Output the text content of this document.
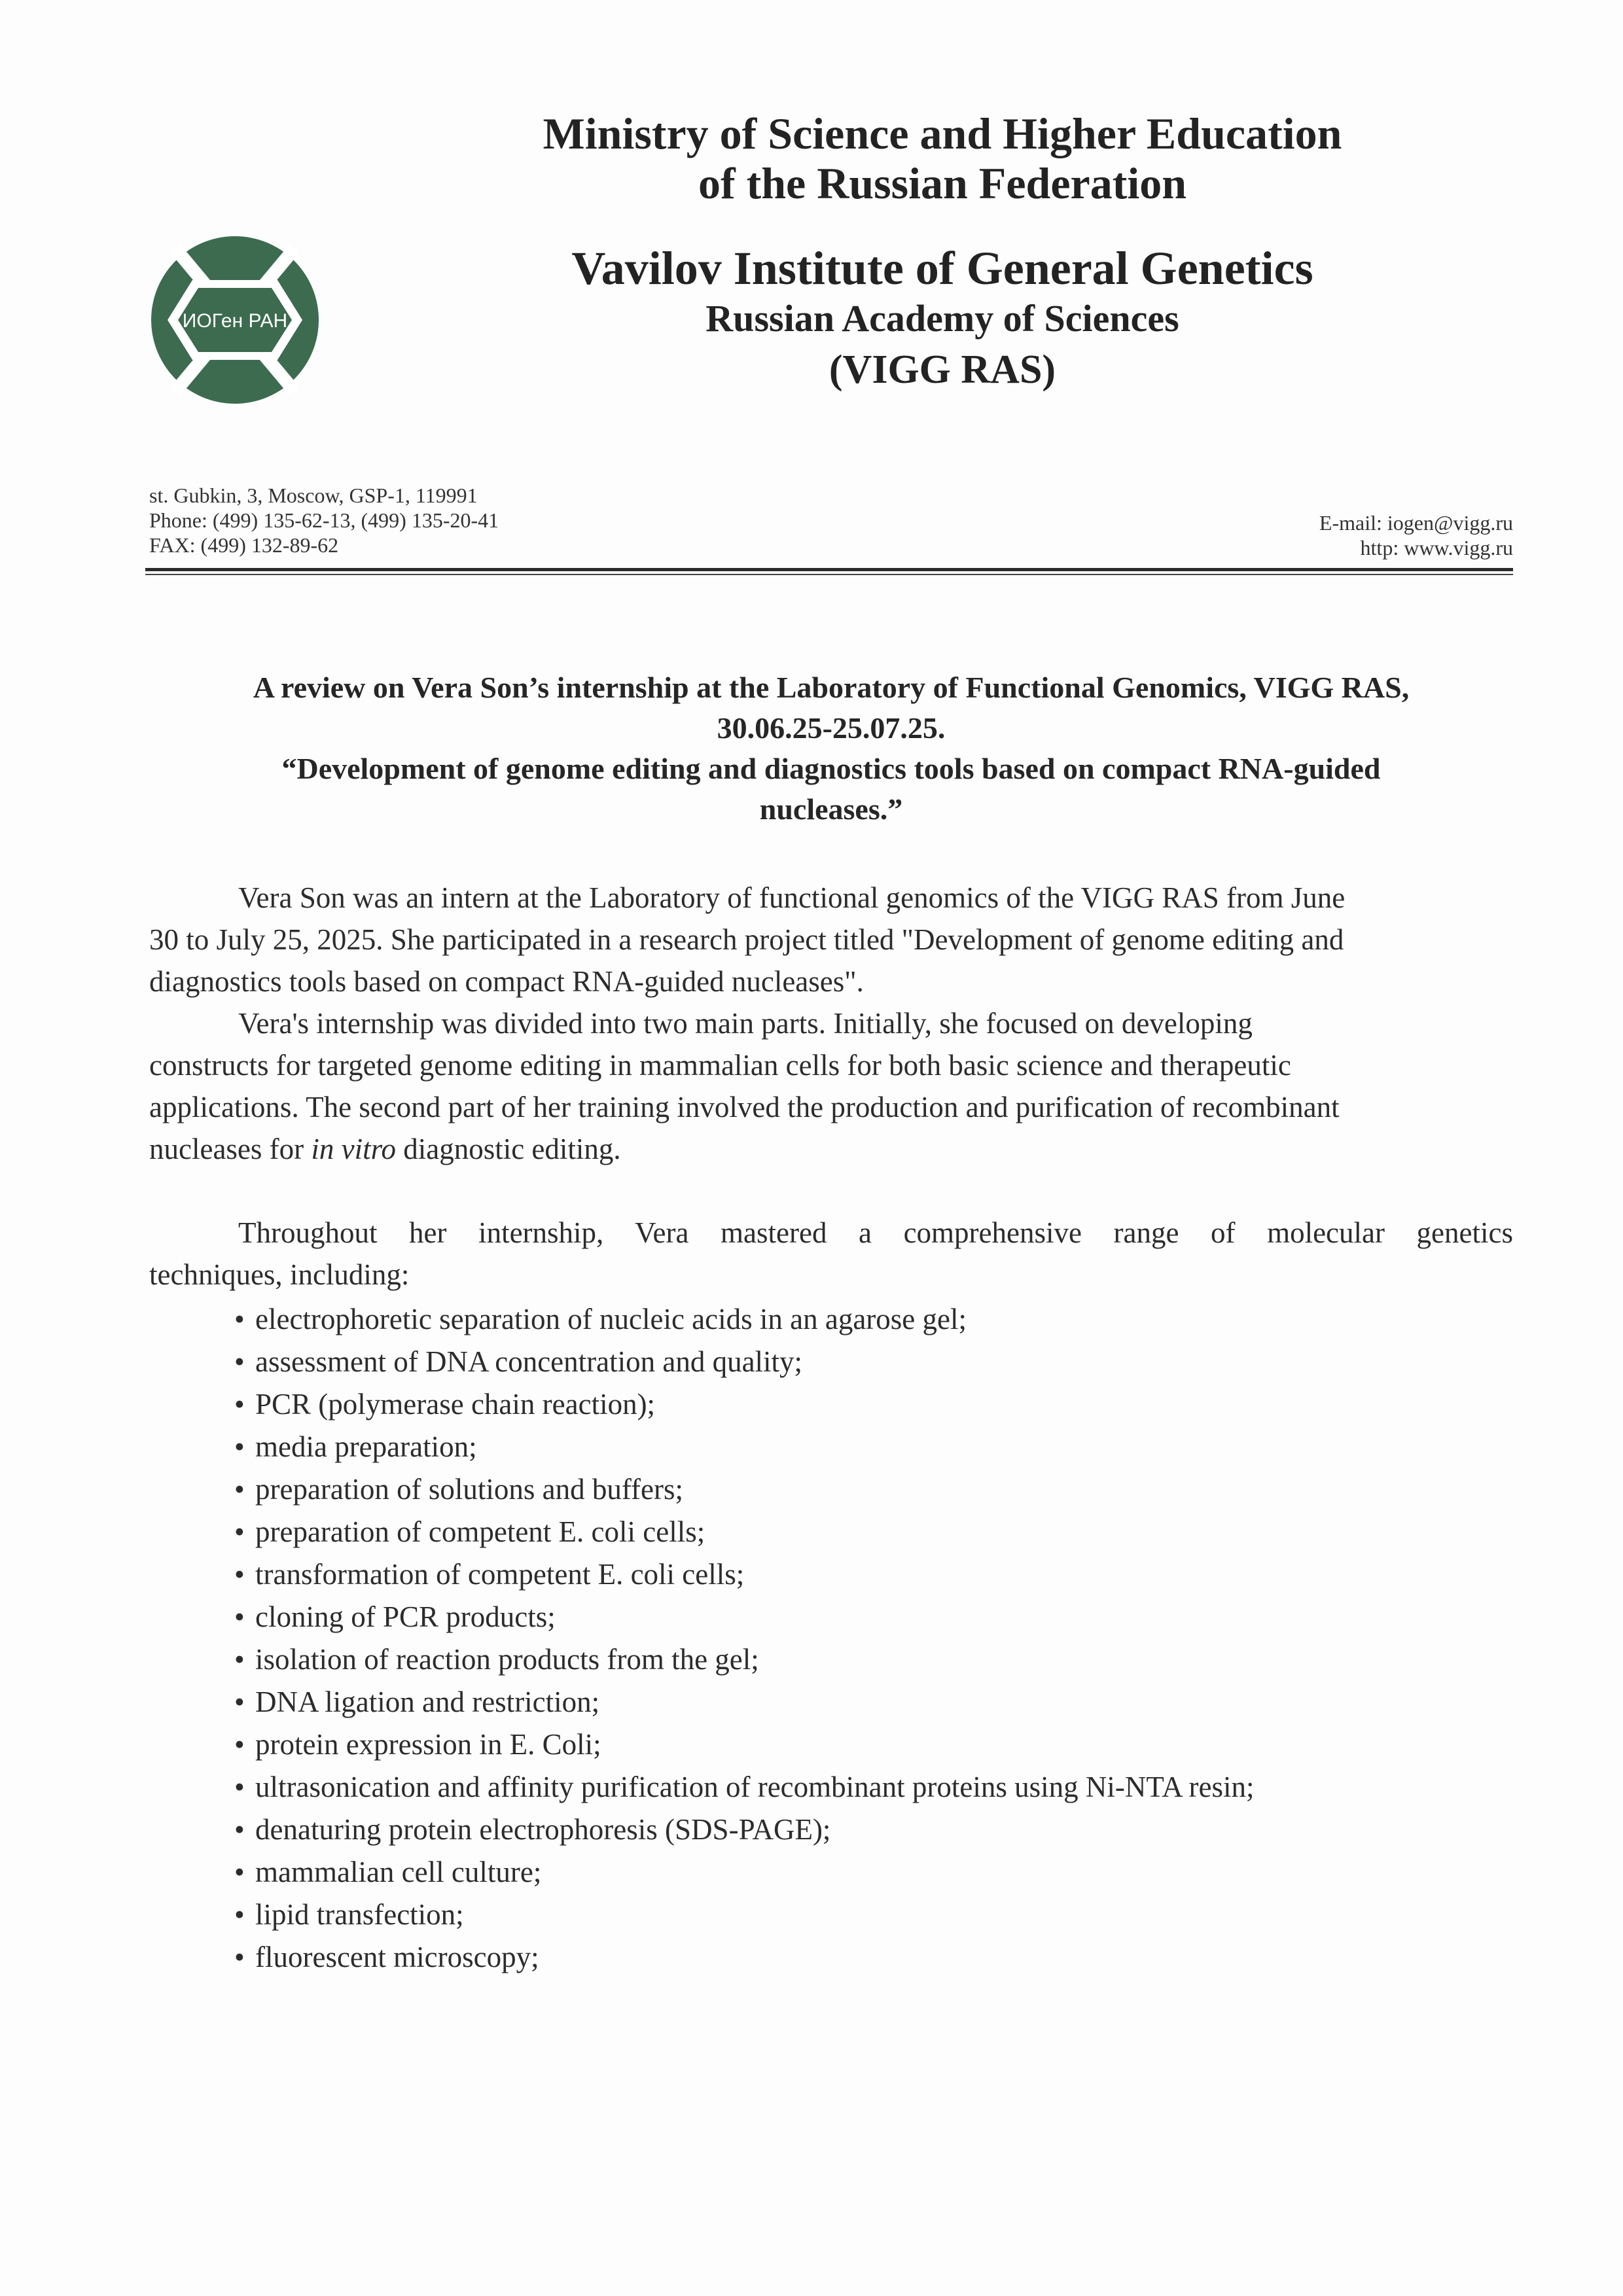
ИОГен РАН
Ministry of Science and Higher Education
of the Russian Federation
Vavilov Institute of General Genetics
Russian Academy of Sciences
(VIGG RAS)
st. Gubkin, 3, Moscow, GSP-1, 119991
Phone: (499) 135-62-13, (499) 135-20-41
FAX: (499) 132-89-62
E-mail: iogen@vigg.ru
http: www.vigg.ru
A review on Vera Son’s internship at the Laboratory of Functional Genomics, VIGG RAS,
30.06.25-25.07.25.
“Development of genome editing and diagnostics tools based on compact RNA-guided
nucleases.”
Vera Son was an intern at the Laboratory of functional genomics of the VIGG RAS from June
30 to July 25, 2025. She participated in a research project titled "Development of genome editing and
diagnostics tools based on compact RNA-guided nucleases".
Vera's internship was divided into two main parts. Initially, she focused on developing
constructs for targeted genome editing in mammalian cells for both basic science and therapeutic
applications. The second part of her training involved the production and purification of recombinant
nucleases for in vitro diagnostic editing.
Throughout her internship, Vera mastered a comprehensive range of molecular genetics
techniques, including:
• electrophoretic separation of nucleic acids in an agarose gel;
• assessment of DNA concentration and quality;
• PCR (polymerase chain reaction);
• media preparation;
• preparation of solutions and buffers;
• preparation of competent E. coli cells;
• transformation of competent E. coli cells;
• cloning of PCR products;
• isolation of reaction products from the gel;
• DNA ligation and restriction;
• protein expression in E. Coli;
• ultrasonication and affinity purification of recombinant proteins using Ni-NTA resin;
• denaturing protein electrophoresis (SDS-PAGE);
• mammalian cell culture;
• lipid transfection;
• fluorescent microscopy;
